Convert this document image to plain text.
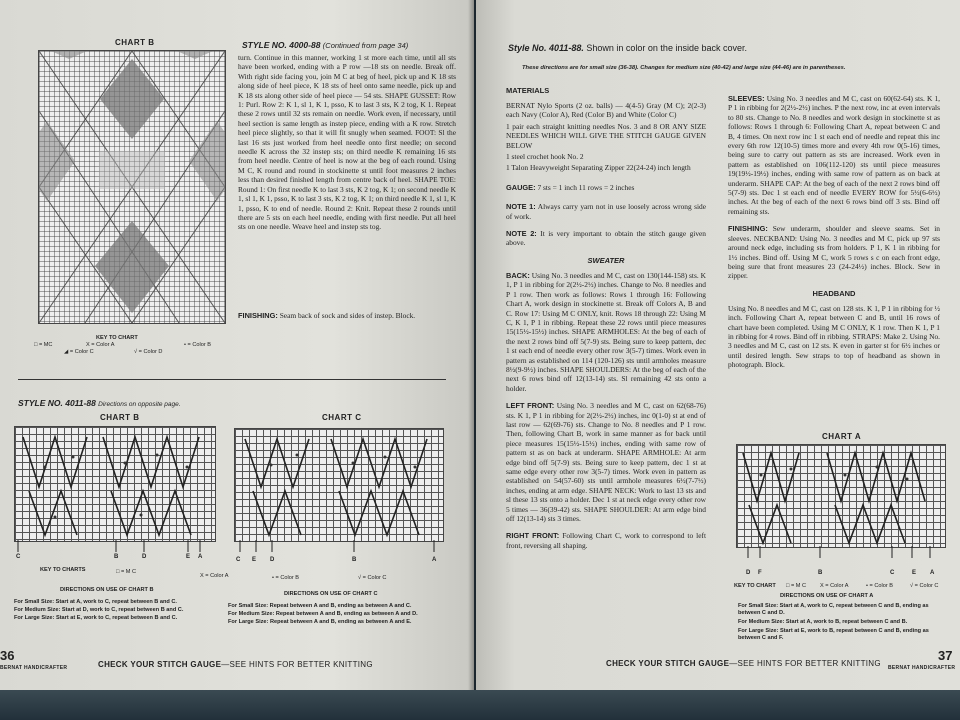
CHART B
KEY TO CHART
□ = MC	X = Color A	• = Color B
◢ = Color C	√ = Color D
STYLE NO. 4000-88 (Continued from page 34)
turn. Continue in this manner, working 1 st more each time, until all sts have been worked, ending with a P row —18 sts on needle. Break off. With right side facing you, join M C at beg of heel, pick up and K 18 sts along side of heel piece, K 18 sts of heel onto same needle, pick up and K 18 sts along other side of heel piece — 54 sts. SHAPE GUSSET: Row 1: Purl. Row 2: K 1, sl 1, K 1, psso, K to last 3 sts, K 2 tog, K 1. Repeat these 2 rows until 32 sts remain on needle. Work even, if necessary, until heel section is same length as instep piece, ending with a K row. Stretch heel piece slightly, so that it will fit snugly when seamed. FOOT: Sl the last 16 sts just worked from heel needle onto first needle; on second needle K across the 32 instep sts; on third needle K remaining 16 sts from heel needle. Centre of heel is now at the beg of each round. Using M C, K round and round in stockinette st until foot measures 2 inches less than desired finished length from centre back of heel. SHAPE TOE: Round 1: On first needle K to last 3 sts, K 2 tog, K 1; on second needle K 1, sl 1, K 1, psso, K to last 3 sts, K 2 tog, K 1; on third needle K 1, sl 1, K 1, psso, K to end of needle. Round 2: Knit. Repeat these 2 rounds until there are 5 sts on each heel needle, ending with first needle. Put all heel sts on one needle. Weave heel and instep sts tog.
FINISHING: Seam back of sock and sides of instep. Block.
STYLE NO. 4011-88 Directions on opposite page.
CHART B
C	B	D	E A
CHART C
C E D	B	A
KEY TO CHARTS	□ = M C
X = Color A	• = Color B	√ = Color C
DIRECTIONS ON USE OF CHART B
For Small Size: Start at A, work to C, repeat between B and C.
For Medium Size: Start at D, work to C, repeat between B and C.
For Large Size: Start at E, work to C, repeat between B and C.
DIRECTIONS ON USE OF CHART C
For Small Size: Repeat between A and B, ending as between A and C.
For Medium Size: Repeat between A and B, ending as between A and D.
For Large Size: Repeat between A and B, ending as between A and E.
36
BERNAT HANDICRAFTER	CHECK YOUR STITCH GAUGE—SEE HINTS FOR BETTER KNITTING
Style No. 4011-88. Shown in color on the inside back cover.
These directions are for small size (36-38). Changes for medium size (40-42) and large size (44-46) are in parentheses.
MATERIALS
BERNAT Nylo Sports (2 oz. balls) — 4(4-5) Gray (M C); 2(2-3) each Navy (Color A), Red (Color B) and White (Color C)
1 pair each straight knitting needles Nos. 3 and 8 OR ANY SIZE NEEDLES WHICH WILL GIVE THE STITCH GAUGE GIVEN BELOW
1 steel crochet hook No. 2
1 Talon Heavyweight Separating Zipper 22(24-24) inch length
GAUGE: 7 sts = 1 inch 11 rows = 2 inches
NOTE 1: Always carry yarn not in use loosely across wrong side of work.
NOTE 2: It is very important to obtain the stitch gauge given above.
SWEATER
BACK: Using No. 3 needles and M C, cast on 130(144-158) sts. K 1, P 1 in ribbing for 2(2½-2½) inches. Change to No. 8 needles and P 1 row. Then work as follows: Rows 1 through 16: Following Chart A, work design in stockinette st. Break off Colors A, B and C. Row 17: Using M C ONLY, knit. Rows 18 through 22: Using M C, K 1, P 1 in ribbing. Repeat these 22 rows until piece measures 15(15½-15½) inches. SHAPE ARMHOLES: At the beg of each of the next 2 rows bind off 5(7-9) sts. Being sure to keep pattern, dec 1 st each end of needle every other row 3(5-7) times. Work even in pattern as established on 114 (120-126) sts until armholes measure 8½(9-9½) inches. SHAPE SHOULDERS: At the beg of each of the next 6 rows bind off 12(13-14) sts. Sl remaining 42 sts onto a holder.
LEFT FRONT: Using No. 3 needles and M C, cast on 62(68-76) sts. K 1, P 1 in ribbing for 2(2½-2½) inches, inc 0(1-0) st at end of last row — 62(69-76) sts. Change to No. 8 needles and P 1 row. Then, following Chart B, work in same manner as for back until piece measures 15(15½-15½) inches, ending with same row of pattern st as on back at underarm. SHAPE ARMHOLE: At arm edge bind off 5(7-9) sts. Being sure to keep pattern, dec 1 st at same edge every other row 3(5-7) times. Work even in pattern as established on 54(57-60) sts until armhole measures 6½(7-7½) inches, ending at arm edge. SHAPE NECK: Work to last 13 sts and sl these 13 sts onto a holder. Dec 1 st at neck edge every other row 5 times — 36(39-42) sts. SHAPE SHOULDER: At arm edge bind off 12(13-14) sts 3 times.
RIGHT FRONT: Following Chart C, work to correspond to left front, reversing all shaping.
SLEEVES: Using No. 3 needles and M C, cast on 60(62-64) sts. K 1, P 1 in ribbing for 2(2½-2½) inches. P the next row, inc at even intervals to 80 sts. Change to No. 8 needles and work design in stockinette st as follows: Rows 1 through 6: Following Chart A, repeat between C and B, 4 times. On next row inc 1 st each end of needle and repeat this inc every 6th row 12(10-5) times more and every 4th row 0(5-16) times, being sure to carry out pattern as sts are increased. Work even in pattern as established on 106(112-120) sts until piece measures 19(19½-19½) inches, ending with same row of pattern as on back at underarm. SHAPE CAP: At the beg of each of the next 2 rows bind off 5(7-9) sts. Dec 1 st each end of needle EVERY ROW for 5½(6-6½) inches. At the beg of each of the next 6 rows bind off 3 sts. Bind off remaining sts.
FINISHING: Sew underarm, shoulder and sleeve seams. Set in sleeves. NECKBAND: Using No. 3 needles and M C, pick up 97 sts around neck edge, including sts from holders. P 1, K 1 in ribbing for 1½ inches. Bind off. Using M C, work 5 rows s c on each front edge, being sure that front measures 23 (24-24½) inches. Block. Sew in zipper.
HEADBAND
Using No. 8 needles and M C, cast on 128 sts. K 1, P 1 in ribbing for ½ inch. Following Chart A, repeat between C and B, until 16 rows of chart have been completed. Using M C ONLY, K 1 row. Then K 1, P 1 in ribbing for 4 rows. Bind off in ribbing. STRAPS: Make 2. Using No. 3 needles and M C, cast on 12 sts. K even in garter st for 6½ inches or until desired length. Sew straps to top of headband as shown in photograph. Block.
CHART A
D F	B	C	E A
KEY TO CHART □ = M C X = Color A	• = Color B	√ = Color C
DIRECTIONS ON USE OF CHART A
For Small Size: Start at A, work to C, repeat between C and B, ending as between C and D.
For Medium Size: Start at A, work to B, repeat between C and B.
For Large Size: Start at E, work to B, repeat between C and B, ending as between C and F.
CHECK YOUR STITCH GAUGE—SEE HINTS FOR BETTER KNITTING
37
BERNAT HANDICRAFTER
